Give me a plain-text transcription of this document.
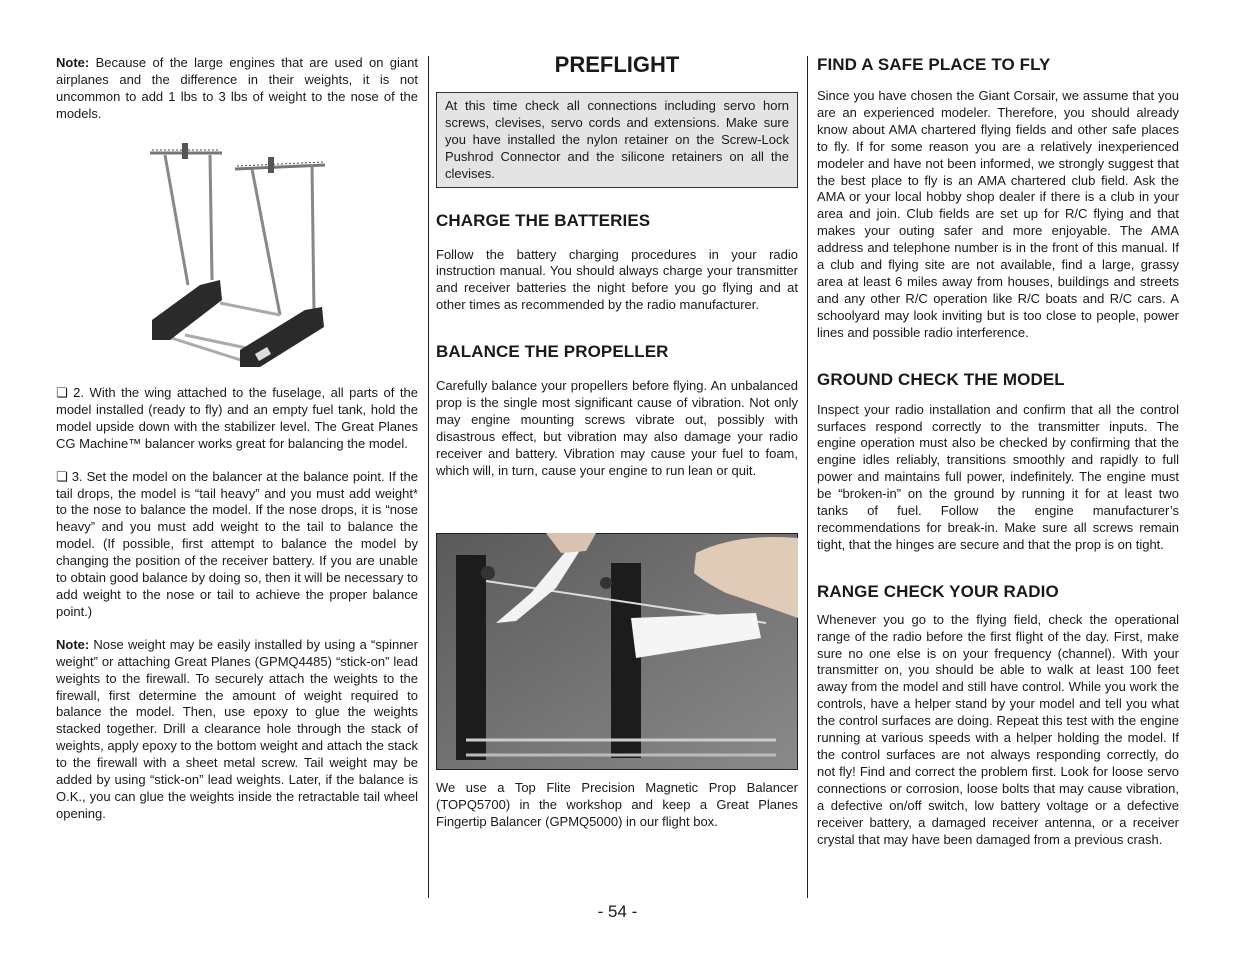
Note: Because of the large engines that are used on giant airplanes and the difference in their weights, it is not uncommon to add 1 lbs to 3 lbs of weight to the nose of the models.

❏ 2. With the wing attached to the fuselage, all parts of the model installed (ready to fly) and an empty fuel tank, hold the model upside down with the stabilizer level. The Great Planes CG Machine™ balancer works great for balancing the model.

❏ 3. Set the model on the balancer at the balance point. If the tail drops, the model is “tail heavy” and you must add weight* to the nose to balance the model. If the nose drops, it is “nose heavy” and you must add weight to the tail to balance the model. (If possible, first attempt to balance the model by changing the position of the receiver battery. If you are unable to obtain good balance by doing so, then it will be necessary to add weight to the nose or tail to achieve the proper balance point.)

Note: Nose weight may be easily installed by using a “spinner weight” or attaching Great Planes (GPMQ4485) “stick-on” lead weights to the firewall. To securely attach the weights to the firewall, first determine the amount of weight required to balance the model. Then, use epoxy to glue the weights stacked together. Drill a clearance hole through the stack of weights, apply epoxy to the bottom weight and attach the stack to the firewall with a sheet metal screw. Tail weight may be added by using “stick-on” lead weights. Later, if the balance is O.K., you can glue the weights inside the retractable tail wheel opening.

PREFLIGHT
At this time check all connections including servo horn screws, clevises, servo cords and extensions. Make sure you have installed the nylon retainer on the Screw-Lock Pushrod Connector and the silicone retainers on all the clevises.
CHARGE THE BATTERIES

Follow the battery charging procedures in your radio instruction manual. You should always charge your transmitter and receiver batteries the night before you go flying and at other times as recommended by the radio manufacturer.

BALANCE THE PROPELLER

Carefully balance your propellers before flying. An unbalanced prop is the single most significant cause of vibration. Not only may engine mounting screws vibrate out, possibly with disastrous effect, but vibration may also damage your radio receiver and battery. Vibration may cause your fuel to foam, which will, in turn, cause your engine to run lean or quit.

We use a Top Flite Precision Magnetic Prop Balancer (TOPQ5700) in the workshop and keep a Great Planes Fingertip Balancer (GPMQ5000) in our flight box.

FIND A SAFE PLACE TO FLY

Since you have chosen the Giant Corsair, we assume that you are an experienced modeler. Therefore, you should already know about AMA chartered flying fields and other safe places to fly. If for some reason you are a relatively inexperienced modeler and have not been informed, we strongly suggest that the best place to fly is an AMA chartered club field. Ask the AMA or your local hobby shop dealer if there is a club in your area and join. Club fields are set up for R/C flying and that makes your outing safer and more enjoyable. The AMA address and telephone number is in the front of this manual. If a club and flying site are not available, find a large, grassy area at least 6 miles away from houses, buildings and streets and any other R/C operation like R/C boats and R/C cars. A schoolyard may look inviting but is too close to people, power lines and possible radio interference.

GROUND CHECK THE MODEL

Inspect your radio installation and confirm that all the control surfaces respond correctly to the transmitter inputs. The engine operation must also be checked by confirming that the engine idles reliably, transitions smoothly and rapidly to full power and maintains full power, indefinitely. The engine must be “broken-in” on the ground by running it for at least two tanks of fuel. Follow the engine manufacturer’s recommendations for break-in. Make sure all screws remain tight, that the hinges are secure and that the prop is on tight.

RANGE CHECK YOUR RADIO

Whenever you go to the flying field, check the operational range of the radio before the first flight of the day. First, make sure no one else is on your frequency (channel). With your transmitter on, you should be able to walk at least 100 feet away from the model and still have control. While you work the controls, have a helper stand by your model and tell you what the control surfaces are doing. Repeat this test with the engine running at various speeds with a helper holding the model. If the control surfaces are not always responding correctly, do not fly! Find and correct the problem first. Look for loose servo connections or corrosion, loose bolts that may cause vibration, a defective on/off switch, low battery voltage or a defective receiver battery, a damaged receiver antenna, or a receiver crystal that may have been damaged from a previous crash.

- 54 -
